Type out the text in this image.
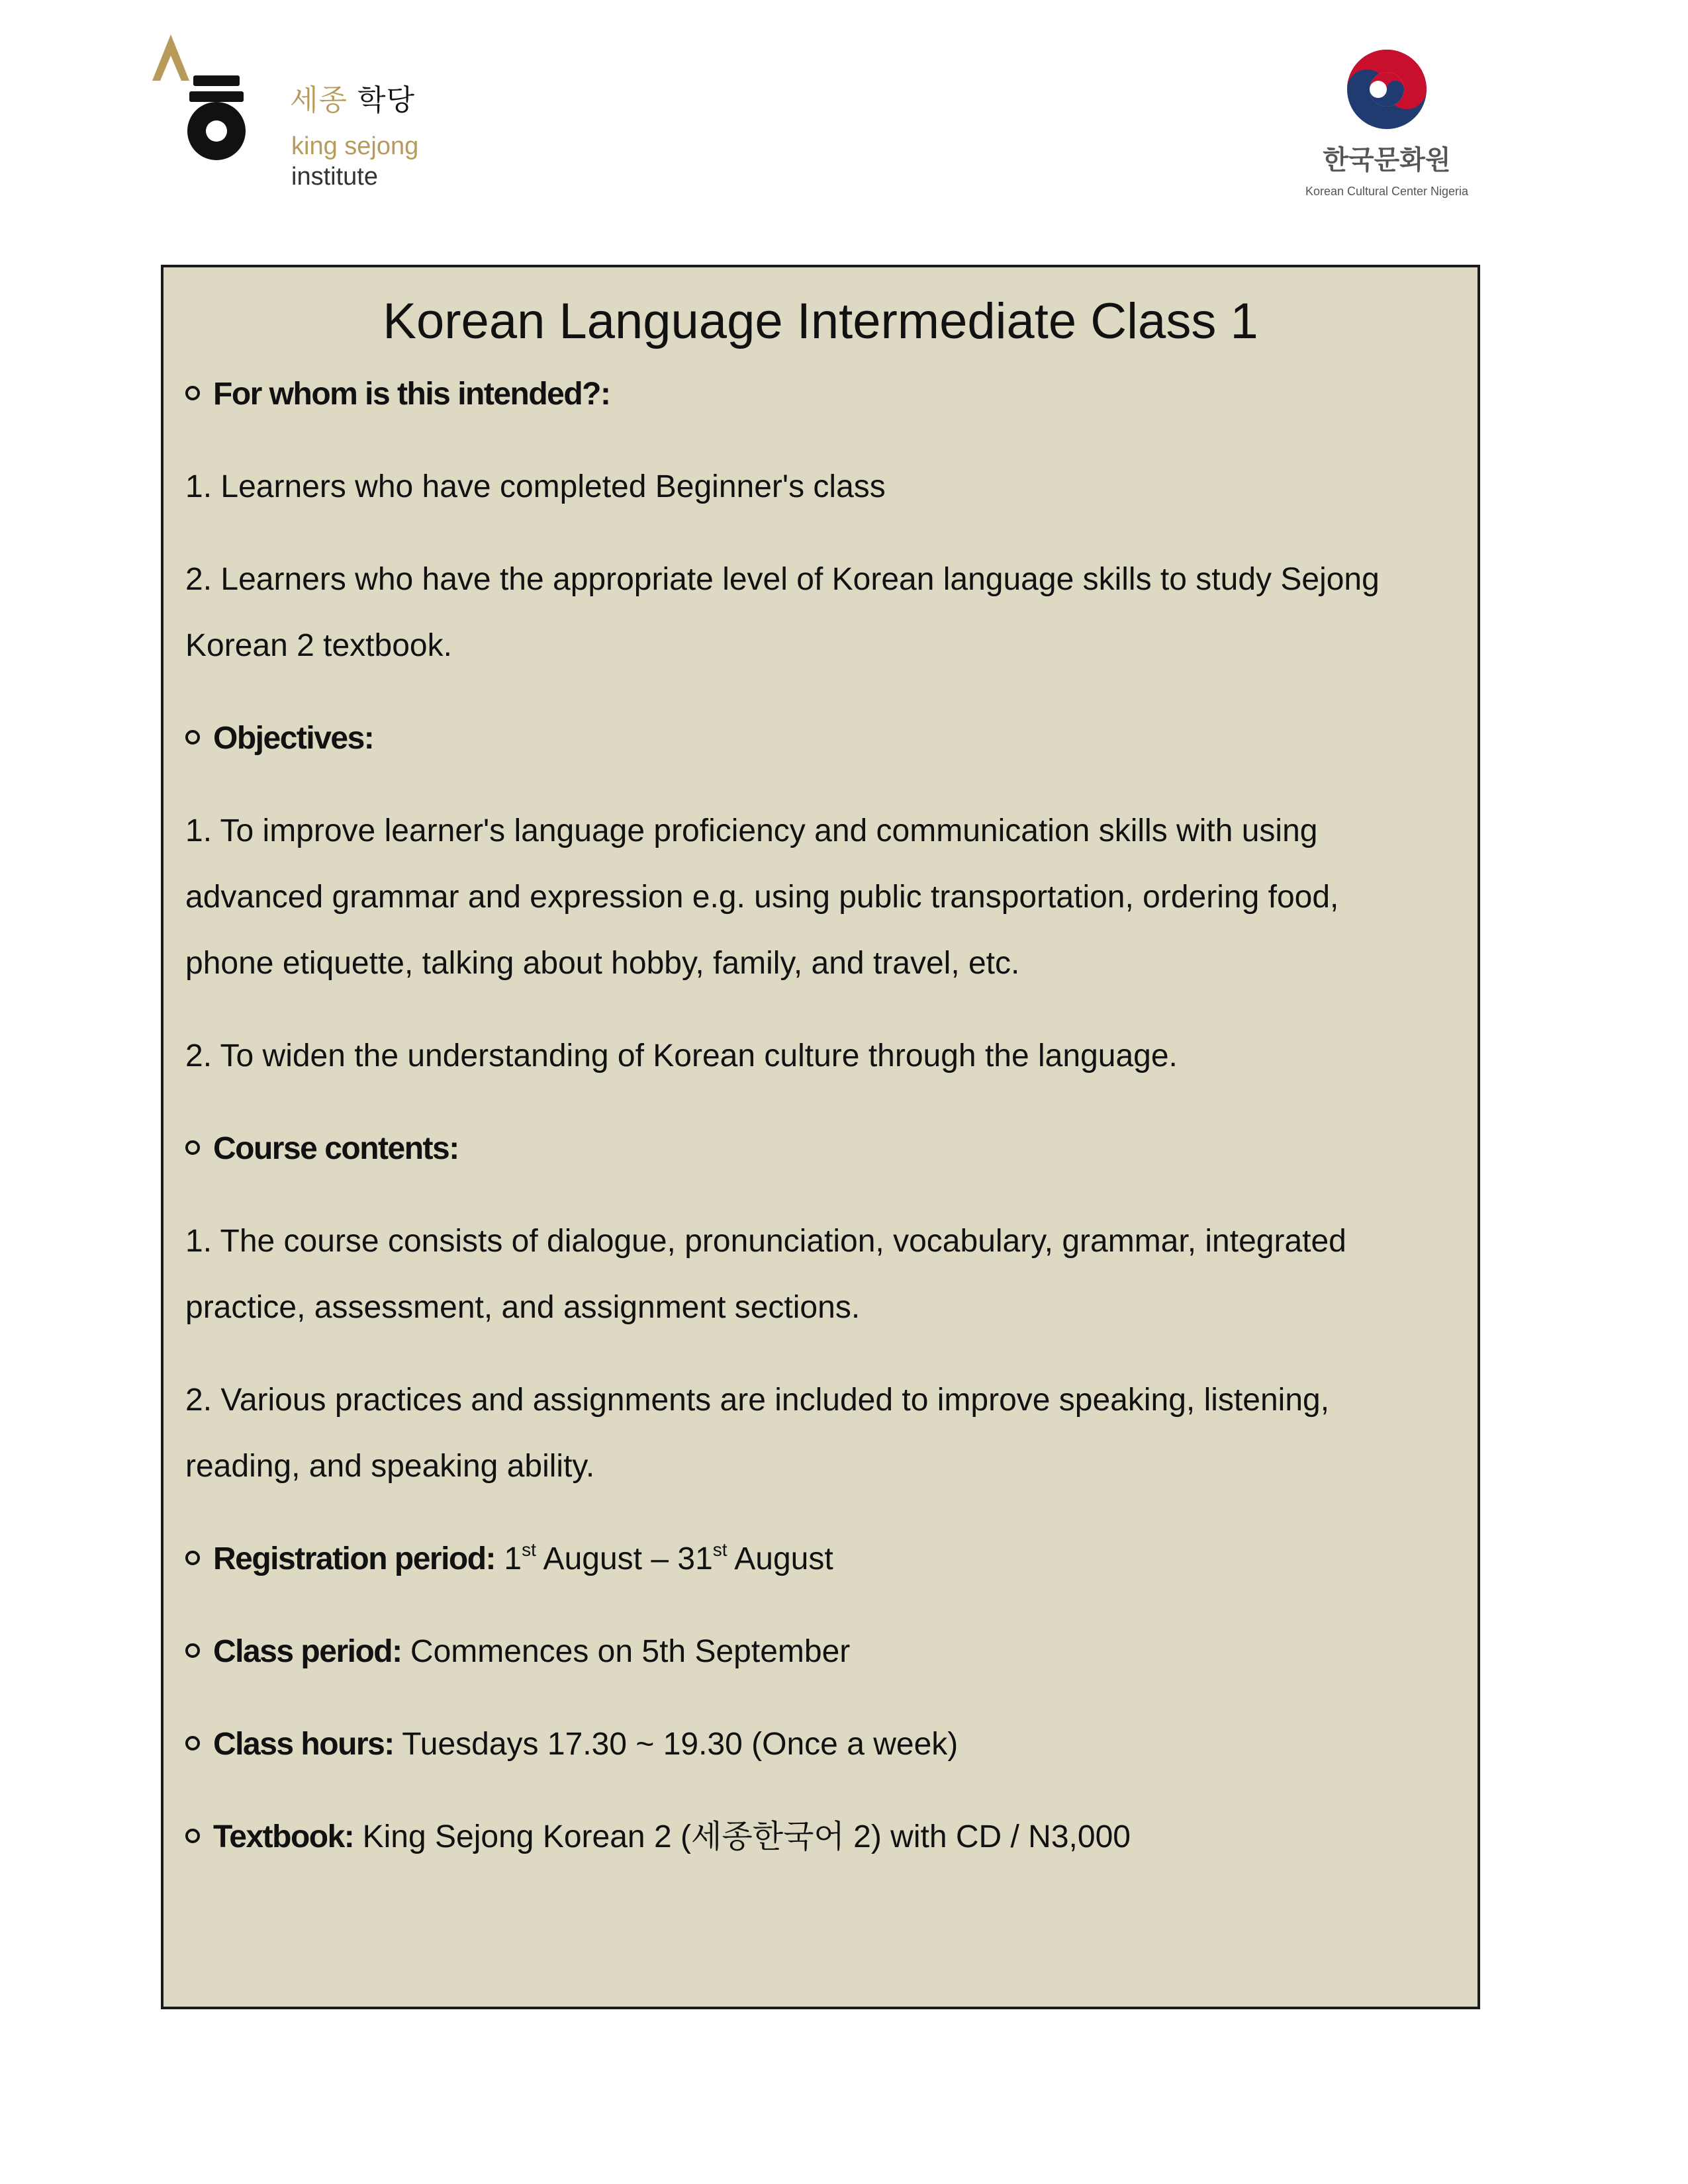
세종 학당
king sejong
institute
한국문화원
Korean Cultural Center Nigeria
Korean Language Intermediate Class 1
For whom is this intended?:
1. Learners who have completed Beginner's class
2. Learners who have the appropriate level of Korean language skills to study Sejong
Korean 2 textbook.
Objectives:
1. To improve learner's language proficiency and communication skills with using
advanced grammar and expression e.g. using public transportation, ordering food,
phone etiquette, talking about hobby, family, and travel, etc.
2. To widen the understanding of Korean culture through the language.
Course contents:
1. The course consists of dialogue, pronunciation, vocabulary, grammar, integrated
practice, assessment, and assignment sections.
2. Various practices and assignments are included to improve speaking, listening,
reading, and speaking ability.
Registration period: 1st August – 31st August
Class period: Commences on 5th September
Class hours: Tuesdays 17.30 ~ 19.30 (Once a week)
Textbook: King Sejong Korean 2 (세종한국어 2) with CD / N3,000
